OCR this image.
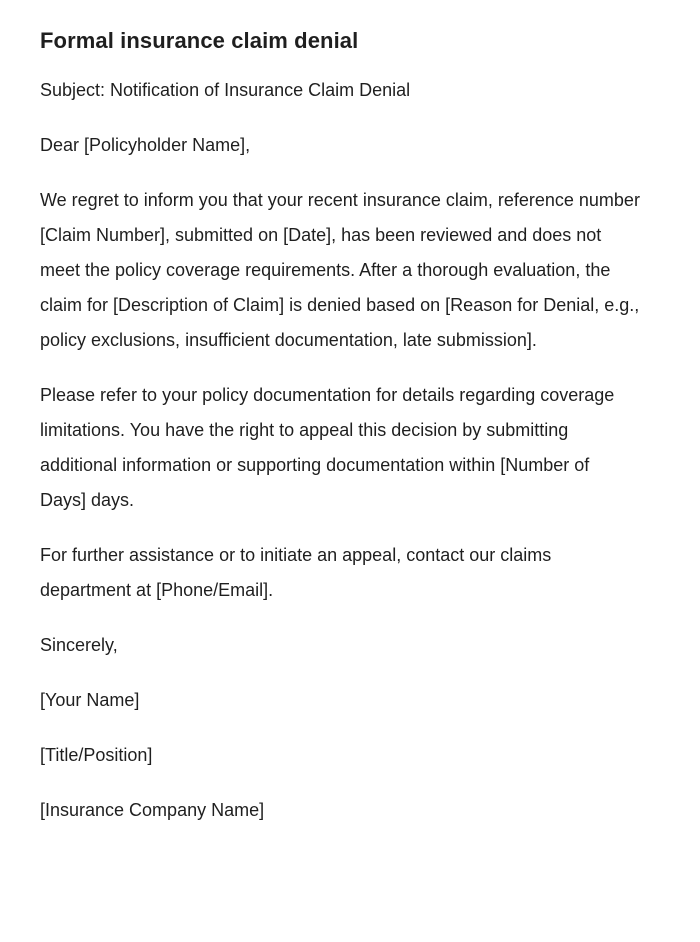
Formal insurance claim denial

Subject: Notification of Insurance Claim Denial

Dear [Policyholder Name],

We regret to inform you that your recent insurance claim, reference number [Claim Number], submitted on [Date], has been reviewed and does not meet the policy coverage requirements. After a thorough evaluation, the claim for [Description of Claim] is denied based on [Reason for Denial, e.g., policy exclusions, insufficient documentation, late submission].

Please refer to your policy documentation for details regarding coverage limitations. You have the right to appeal this decision by submitting additional information or supporting documentation within [Number of Days] days.

For further assistance or to initiate an appeal, contact our claims department at [Phone/Email].

Sincerely,

[Your Name]

[Title/Position]

[Insurance Company Name]
